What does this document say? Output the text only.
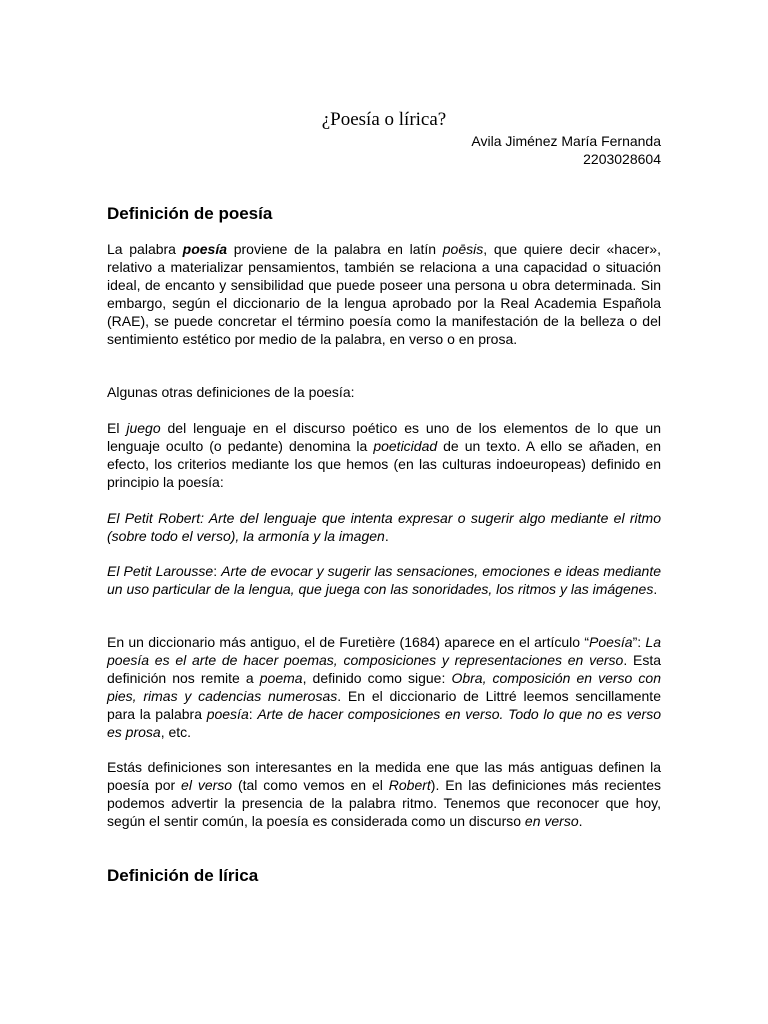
¿Poesía o lírica?
Avila Jiménez María Fernanda
2203028604
Definición de poesía

La palabra poesía proviene de la palabra en latín poēsis, que quiere decir «hacer», relativo a materializar pensamientos, también se relaciona a una capacidad o situación ideal, de encanto y sensibilidad que puede poseer una persona u obra determinada. Sin embargo, según el diccionario de la lengua aprobado por la Real Academia Española (RAE), se puede concretar el término poesía como la manifestación de la belleza o del sentimiento estético por medio de la palabra, en verso o en prosa.

Algunas otras definiciones de la poesía:

El juego del lenguaje en el discurso poético es uno de los elementos de lo que un lenguaje oculto (o pedante) denomina la poeticidad de un texto. A ello se añaden, en efecto, los criterios mediante los que hemos (en las culturas indoeuropeas) definido en principio la poesía:

El Petit Robert: Arte del lenguaje que intenta expresar o sugerir algo mediante el ritmo (sobre todo el verso), la armonía y la imagen.

El Petit Larousse: Arte de evocar y sugerir las sensaciones, emociones e ideas mediante un uso particular de la lengua, que juega con las sonoridades, los ritmos y las imágenes.

En un diccionario más antiguo, el de Furetière (1684) aparece en el artículo “Poesía”: La poesía es el arte de hacer poemas, composiciones y representaciones en verso. Esta definición nos remite a poema, definido como sigue: Obra, composición en verso con pies, rimas y cadencias numerosas. En el diccionario de Littré leemos sencillamente para la palabra poesía: Arte de hacer composiciones en verso. Todo lo que no es verso es prosa, etc.

Estás definiciones son interesantes en la medida ene que las más antiguas definen la poesía por el verso (tal como vemos en el Robert). En las definiciones más recientes podemos advertir la presencia de la palabra ritmo. Tenemos que reconocer que hoy, según el sentir común, la poesía es considerada como un discurso en verso.

Definición de lírica
